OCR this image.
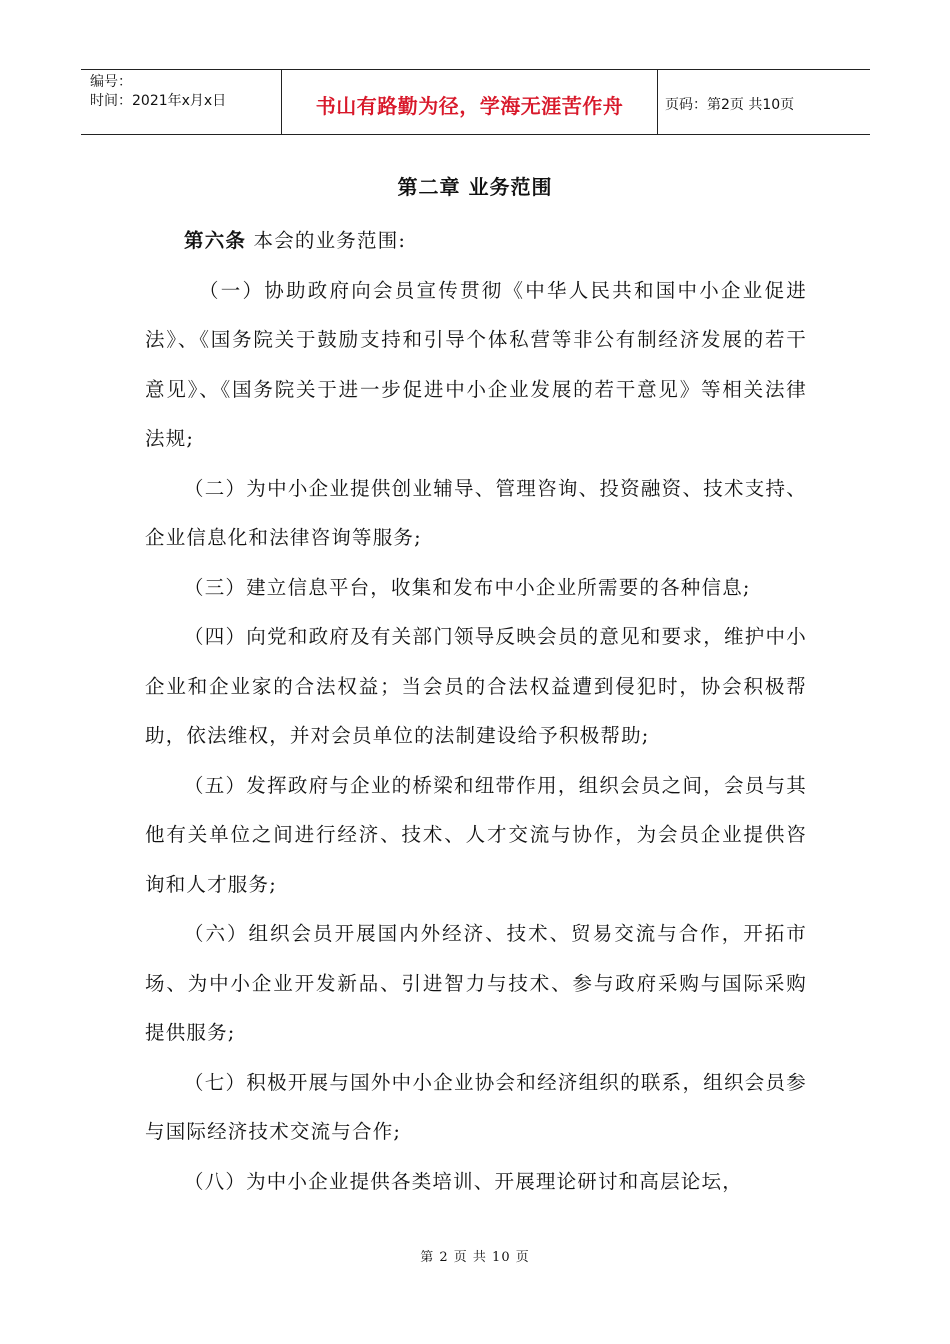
编号：
时间：2021年x月x日	书山有路勤为径，学海无涯苦作舟	页码：第2页 共10页
第二章 业务范围

第六条 本会的业务范围:

（一）协助政府向会员宣传贯彻《中华人民共和国中小企业促进法》、《国务院关于鼓励支持和引导个体私营等非公有制经济发展的若干意见》、《国务院关于进一步促进中小企业发展的若干意见》等相关法律法规;

（二）为中小企业提供创业辅导、管理咨询、投资融资、技术支持、企业信息化和法律咨询等服务;

（三）建立信息平台，收集和发布中小企业所需要的各种信息;

（四）向党和政府及有关部门领导反映会员的意见和要求，维护中小企业和企业家的合法权益；当会员的合法权益遭到侵犯时，协会积极帮助，依法维权，并对会员单位的法制建设给予积极帮助;

（五）发挥政府与企业的桥梁和纽带作用，组织会员之间，会员与其他有关单位之间进行经济、技术、人才交流与协作，为会员企业提供咨询和人才服务;

（六）组织会员开展国内外经济、技术、贸易交流与合作，开拓市场、为中小企业开发新品、引进智力与技术、参与政府采购与国际采购提供服务;

（七）积极开展与国外中小企业协会和经济组织的联系，组织会员参与国际经济技术交流与合作;

（八）为中小企业提供各类培训、开展理论研讨和高层论坛，

第 2 页 共 10 页
